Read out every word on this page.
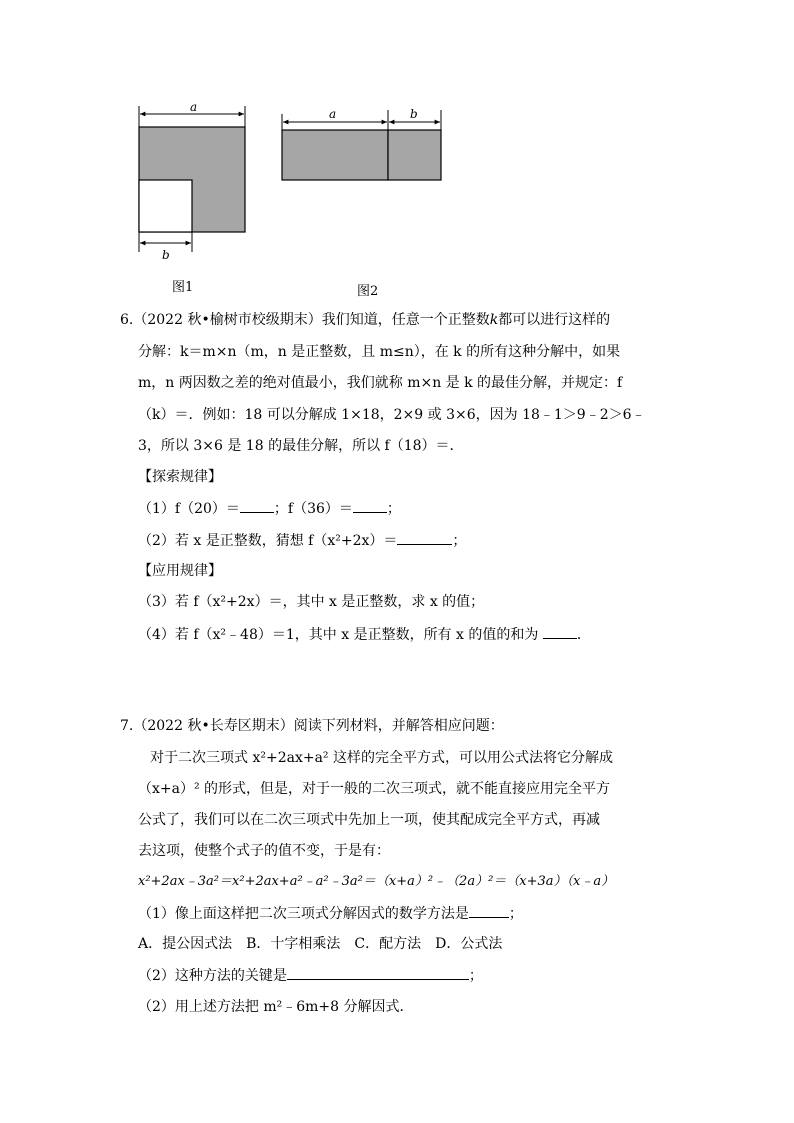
a
b
图1
a	b
图2
6.（2022 秋•榆树市校级期末）我们知道，任意一个正整数k都可以进行这样的
分解：k＝m×n（m，n 是正整数，且 m≤n），在 k 的所有这种分解中，如果
m，n 两因数之差的绝对值最小，我们就称 m×n 是 k 的最佳分解，并规定：f
（k）＝．例如：18 可以分解成 1×18，2×9 或 3×6，因为 18﹣1＞9﹣2＞6﹣
3，所以 3×6 是 18 的最佳分解，所以 f（18）＝．
【探索规律】
（1）f（20）＝ ；f（36）＝ ；
（2）若 x 是正整数，猜想 f（x²+2x）＝	；
【应用规律】
（3）若 f（x²+2x）＝，其中 x 是正整数，求 x 的值；
（4）若 f（x²﹣48）＝1，其中 x 是正整数，所有 x 的值的和为 ．
7.（2022 秋•长寿区期末）阅读下列材料，并解答相应问题：
对于二次三项式 x²+2ax+a² 这样的完全平方式，可以用公式法将它分解成
（x+a）² 的形式，但是，对于一般的二次三项式，就不能直接应用完全平方
公式了，我们可以在二次三项式中先加上一项，使其配成完全平方式，再减
去这项，使整个式子的值不变，于是有：
x²+2ax﹣3a²＝x²+2ax+a²﹣a²﹣3a²＝（x+a）²﹣（2a）²＝（x+3a）（x﹣a）
（1）像上面这样把二次三项式分解因式的数学方法是	；
A．提公因式法　B．十字相乘法　C．配方法　D．公式法
（2）这种方法的关键是	；
（2）用上述方法把 m²﹣6m+8 分解因式．
